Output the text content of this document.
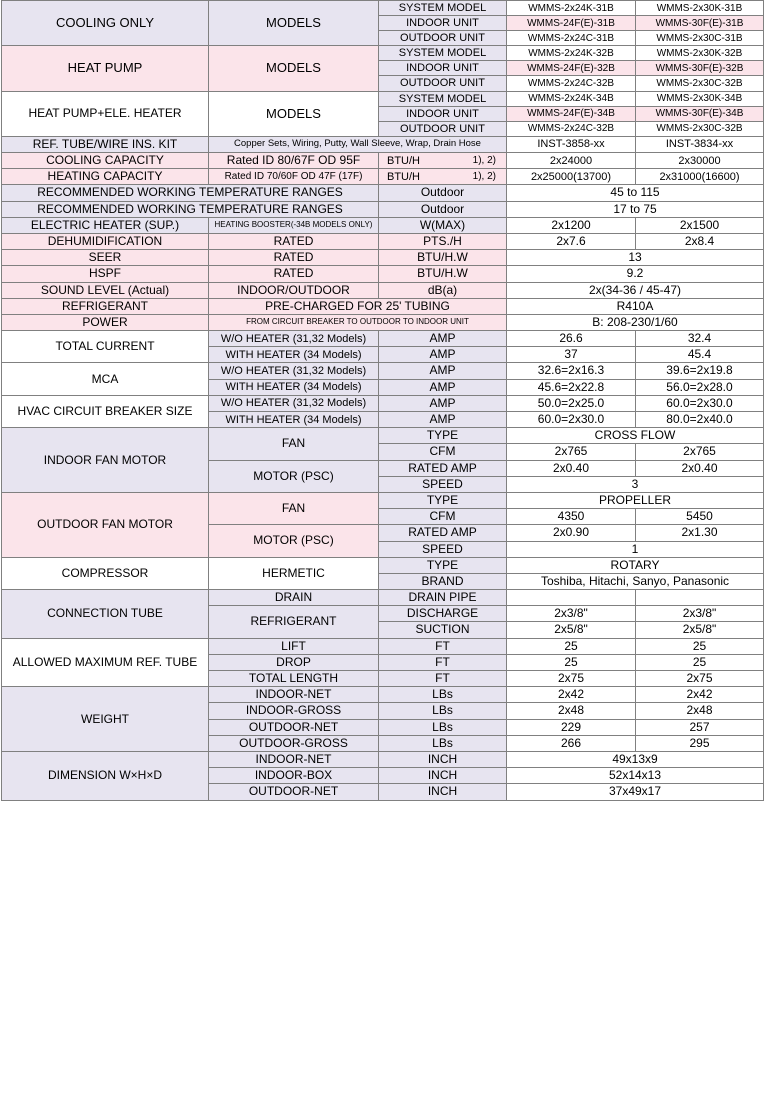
COOLING ONLY	MODELS	SYSTEM MODEL	WMMS-2x24K-31B	WMMS-2x30K-31B
		INDOOR UNIT	WMMS-24F(E)-31B	WMMS-30F(E)-31B
		OUTDOOR UNIT	WMMS-2x24C-31B	WMMS-2x30C-31B
HEAT PUMP	MODELS	SYSTEM MODEL	WMMS-2x24K-32B	WMMS-2x30K-32B
		INDOOR UNIT	WMMS-24F(E)-32B	WMMS-30F(E)-32B
		OUTDOOR UNIT	WMMS-2x24C-32B	WMMS-2x30C-32B
HEAT PUMP+ELE. HEATER	MODELS	SYSTEM MODEL	WMMS-2x24K-34B	WMMS-2x30K-34B
		INDOOR UNIT	WMMS-24F(E)-34B	WMMS-30F(E)-34B
		OUTDOOR UNIT	WMMS-2x24C-32B	WMMS-2x30C-32B
REF. TUBE/WIRE INS. KIT	Copper Sets, Wiring, Putty, Wall Sleeve, Wrap, Drain Hose		INST-3858-xx	INST-3834-xx
COOLING CAPACITY	Rated ID 80/67F OD 95F	BTU/H 1), 2)	2x24000	2x30000
HEATING CAPACITY	Rated ID 70/60F OD 47F (17F)	BTU/H 1), 2)	2x25000(13700)	2x31000(16600)
RECOMMENDED WORKING TEMPERATURE RANGES		Outdoor	45 to 115	
RECOMMENDED WORKING TEMPERATURE RANGES		Outdoor	17 to 75	
ELECTRIC HEATER (SUP.)	HEATING BOOSTER(-34B MODELS ONLY)	W(MAX)	2x1200	2x1500
DEHUMIDIFICATION	RATED	PTS./H	2x7.6	2x8.4
SEER	RATED	BTU/H.W	13	
HSPF	RATED	BTU/H.W	9.2	
SOUND LEVEL (Actual)	INDOOR/OUTDOOR	dB(a)	2x(34-36 / 45-47)	
REFRIGERANT	PRE-CHARGED FOR 25' TUBING		R410A	
POWER	FROM CIRCUIT BREAKER TO OUTDOOR TO INDOOR UNIT		B: 208-230/1/60	
TOTAL CURRENT	W/O HEATER (31,32 Models)	AMP	26.6	32.4
	WITH HEATER (34 Models)	AMP	37	45.4
MCA	W/O HEATER (31,32 Models)	AMP	32.6=2x16.3	39.6=2x19.8
	WITH HEATER (34 Models)	AMP	45.6=2x22.8	56.0=2x28.0
HVAC CIRCUIT BREAKER SIZE	W/O HEATER (31,32 Models)	AMP	50.0=2x25.0	60.0=2x30.0
	WITH HEATER (34 Models)	AMP	60.0=2x30.0	80.0=2x40.0
INDOOR FAN MOTOR	FAN	TYPE	CROSS FLOW	
		CFM	2x765	2x765
	MOTOR (PSC)	RATED AMP	2x0.40	2x0.40
		SPEED	3	
OUTDOOR FAN MOTOR	FAN	TYPE	PROPELLER	
		CFM	4350	5450
	MOTOR (PSC)	RATED AMP	2x0.90	2x1.30
		SPEED	1	
COMPRESSOR	HERMETIC	TYPE	ROTARY	
		BRAND	Toshiba, Hitachi, Sanyo, Panasonic	
CONNECTION TUBE	DRAIN	DRAIN PIPE		
	REFRIGERANT	DISCHARGE	2x3/8"	2x3/8"
		SUCTION	2x5/8"	2x5/8"
ALLOWED MAXIMUM REF. TUBE	LIFT	FT	25	25
	DROP	FT	25	25
	TOTAL LENGTH	FT	2x75	2x75
WEIGHT	INDOOR-NET	LBs	2x42	2x42
	INDOOR-GROSS	LBs	2x48	2x48
	OUTDOOR-NET	LBs	229	257
	OUTDOOR-GROSS	LBs	266	295
DIMENSION W×H×D	INDOOR-NET	INCH	49x13x9	
	INDOOR-BOX	INCH	52x14x13	
	OUTDOOR-NET	INCH	37x49x17	
